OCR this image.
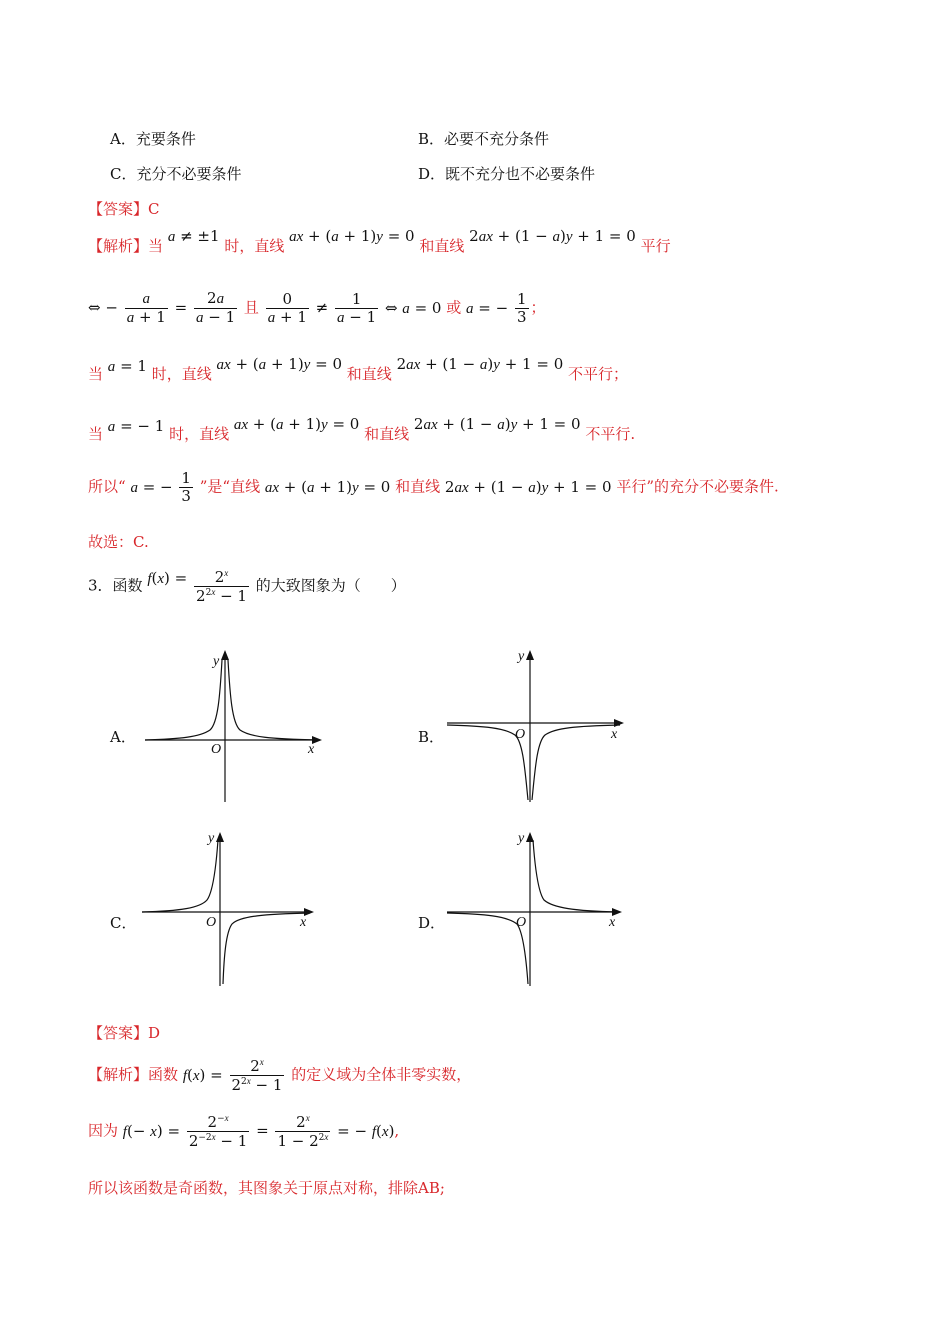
A．充要条件	B．必要不充分条件
C．充分不必要条件	D．既不充分也不必要条件
【答案】C
【解析】当 a ≠ ±1 时，直线 ax + (a + 1)y = 0 和直线 2ax + (1 − a)y + 1 = 0 平行
⇔ − $\frac{a}{a + 1} = \frac{2a}{a - 1}$ 且 $\frac{0}{a + 1} \ne \frac{1}{a - 1}$ ⇔ a = 0 或 a = − $\frac{1}{3}$ ；
当 a = 1 时，直线 ax + (a + 1)y = 0 和直线 2ax + (1 − a)y + 1 = 0 不平行；
当 a = − 1 时，直线 ax + (a + 1)y = 0 和直线 2ax + (1 − a)y + 1 = 0 不平行.
所以“ a = − $\frac{1}{3}$ ”是“直线 ax + (a + 1)y = 0 和直线 2ax + (1 − a)y + 1 = 0 平行”的充分不必要条件.
故选：C.
3．函数 $f(x) = \frac{2^x}{2^{2x} - 1}$ 的大致图象为（　　）
A．
x
y
O
B．	x
y
O
C．	x
y
O	D．	x
y
O
【答案】D
【解析】函数 $f(x) = \frac{2^x}{2^{2x} - 1}$ 的定义域为全体非零实数，
因为 $f(- x) = \frac{2^{-x}}{2^{-2x} - 1} = \frac{2^x}{1 - 2^{2x}}$ = − f(x),
所以该函数是奇函数，其图象关于原点对称，排除AB;
